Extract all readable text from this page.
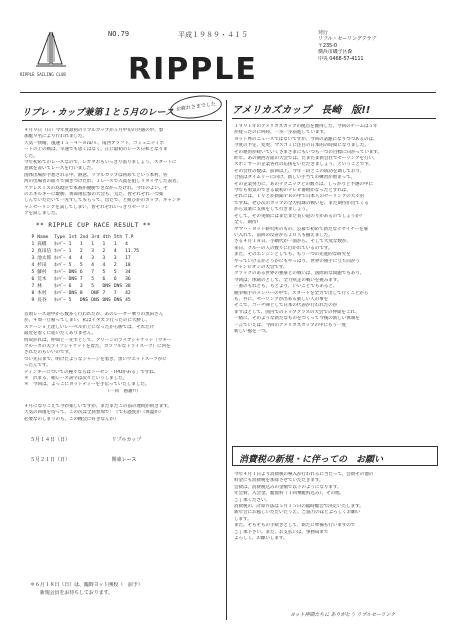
RIPPLE SAILING CLUB
NO.79	平成１９８９・４１５
RIPPLE
発行
リプル・セーリングクラブ
〒235-0
横浜市磯子区森
中央 0468-57-4111
リプレ・カップ兼第１と５月のレース
お疲れさまでした
４月９日（日）今年度最初のリプルカップが５月中旬の共通の中、参
加艇９名により行われました。
天気一快晴、風速１５－４～８ｍ/ｓ、南西ブラフト、コミュニティポ
ートの上の戦は、早速でも思くはなく、正に最初のレース日和となりま
した。
今年初めてのレースなので、レガタおもいっきり張りましょう、スタートに
意欲を書いてレースを行いました。
国体出場が予想される中、熱意、リプルカップは初めてという本村、佐
河の出場者の面々で開きつけた形、１レースで入賞を狙しリタイヤした表者、
ケアレスミスの為現位で本番が優勝できなかったけれ、今年のよい、そ
のエネルギーに敢勝、黄部翔伝参の大会も、荒た、皆それぞれ一つ楽
しんでいただいて一先ずしてもらって、出たで、と組ひかのカップ、キャンギ
ャンセーリングを試してしまい、皆それぞれいっきりセーリン
グを試しました。
** RIPPLE CUP RACE RESULT **
P	Name	Type	1st	2nd	3rd	4th	5th	T.P
1	髙橋	ﾎｯﾊﾟｰ	1	1	1	1	1	4
2	真田信	ﾎｯﾊﾟｰ	1	2	3	2	4	11.75
3	池太郎	ﾎｯﾊﾟｰ	4	4	3	3	3	17
4	杉田	ﾎｯﾊﾟｰ	5	5	4	4	2	18
5	藤村	ﾎｯﾊﾟｰ	DNS	6	7	5	5	34
6	荒木	ﾎｯﾊﾟｰ	DNS	7	5	6	6	36
7	林	ﾎｯﾊﾟｰ	6	3	5	DNS	DNS	38
8	木村	ﾎｯﾊﾟｰ	DNS	8	DNF	7	7	42
9	長谷	ﾎｯﾊﾟｰ	5	DNS	DNS	DNS	DNS	45
首領レース途中から数多く行われたが、あのレーザー乗りの黒田さん
が、４周一旦帰ってしまい、私はイタズラ行ったのに大勝し、
スケーショ上達しいレーベルが上になったから勝てば、それだけ
最近を着くに従いたくありません。
何故かれば、仲間と一先ずとして、グリーンのライブジャケット（ウキー
クルーカの夫ライフジャケットを着た、カラフルなトライスーツ）に何を
されたのもいいのです。
つい先日まで、明けたようなジャージを着き、黒いウエットスーツがに
ったんです。
ディンギーについての種々ならばトーゼン「TPOがある」ですね。
＊　沢まる、朝レース誤字は次々というしました。
＊　今回は、よっこにヨットディーを手伝っていたしました。
（一同　感謝!!）
４月になりこえて今が楽しいですが、まだまだこの前の連続が続きます。
天気の回復を待って、この次は全員参加で！（でも温度が（体温が）
必要なのしまうのも、この機会に好きなんか）
５月１４日（日）	リプルカップ
５月２１日（日）	関東レース
＊６月１８日（日）は、臨時ヨット開校（　前予）
　　新規会員をお待ちしております。
アメリカズカップ　長崎　版!!
１９９１年のアメリカズカップの拠点を獲得した、今回のチームは５年
が経ったのに何時、一歩一歩前進しています。
ヨット界のニュースではないですが、今回の話題になりつつあるのは、
今度の予定、変更、マスコミに注目の日本的の時間になりました。
その連帯が続いていくさまざまにもいつも一つの目標に向かっています。
昨年、あの関西方面の大会では、たまたま新会社でセーリングを行い、
スポンサーの企業各社の応援をいただきましょう、ということです。
その会社の数は、前回以上、今年一段とこの成功を期しており、
合宿はタイムリーに向け、新しい手当ての練習が始まって、
その企業努力に、あのテクニックとの数々は、しっかりと予選の中に
今年も勇気のできる最初のテレビ番組がなったとすれば、
それには、ＴＶとか新聞ＰＲの中で日本人のセーリングの大々的
ですね。ぜひ次のカップの全力投球の戦いを、まだ期待が出てくる
から気楽に支援をして行きましょう。
そして、その実績にはまだまだ長い道のりがあるのでしょうか？
全く、期待!
ヤマハ・ヨット研究所のもの、公募で初めて新たなデザイナーを雇
い入れて、前回の反省から２０人も揃えました。
さる４月１８日、小網代が一面から、そして大変な数が、
来日、クルーの人の数々に行かれているのです。
また、そのエンジンとしても、もう一つの先進的な研究を
やっていけるかどうかにもやっぱり、世界の相手に立ち向かう
チャンピオンの大会です。
クラックのある世界の強豪との戦いは、国際的な問題でもあり、
今回は、体制のとして、全力疾走の戦いを挑みます。
一番のもれども、もとより、いいことでもあると、
競争相手のメンバーの中で、スタートを全力で出して行くことから
も、共に、セーリングが出来る楽しい人の事を
そこで、コーチ陣として日本の代表が行われたのが
まずはとして、国内でのトップクラスの大会での仲間をこれ、
一緒に、そのような新たなものをつくって今後の新しい体制を
一言でいえば、今回のアメリカズカップの中にもう一度
新しい風を一つ。
消費税の新規・に伴っての　お願い
今年４月１日より消費税の導入が行われるに当たって、会費その他の
料金にも消費税を加算させていただきます。
会費は、消費税込みの金額で以下のようになります。
年会費、入会金、艇置料（１回乗艇料込み）、その他、
ご了承ください。
消費税の、計算方法は５月１５日の臨時総会で決定いたします。
新年会にお越しいただいたうえ、ご協力のほどよろしくお願い
します。
また、そもそもの手続きとして、新たに準備も行いますので
ご了承下さい。また、お支払いは、事務局まで
よろしく、お願いします。
ヨット仲間たちに ありがとう リプルセーリング
